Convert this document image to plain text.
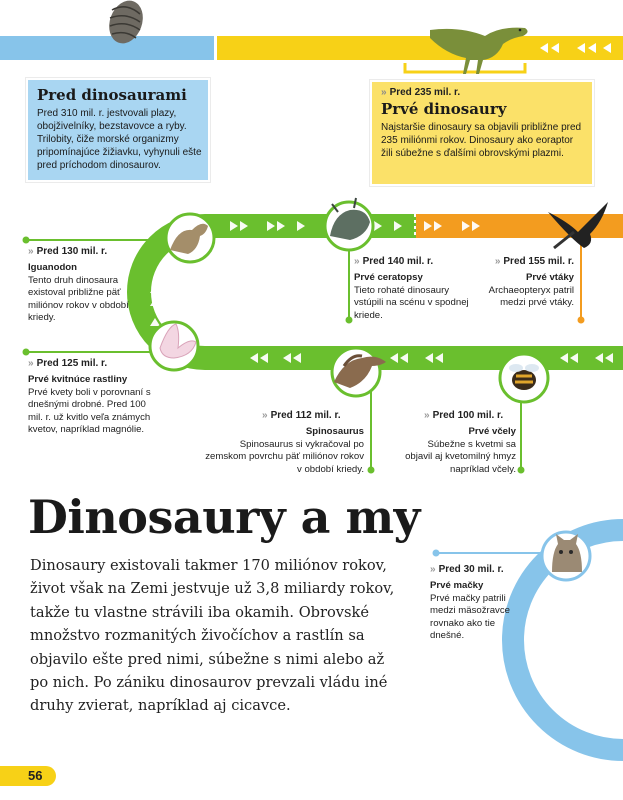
Pred dinosaurami

Pred 310 mil. r. jestvovali plazy, obojživelníky, bezstavovce a ryby. Trilobity, čiže morské organizmy pripomínajúce žižiavku, vyhynuli ešte pred príchodom dinosaurov.

» Pred 235 mil. r.
Prvé dinosaury

Najstaršie dinosaury sa objavili približne pred 235 miliónmi rokov. Dinosaury ako eoraptor žili súbežne s ďalšími obrovskými plazmi.

» Pred 130 mil. r.
Iguanodon
Tento druh dinosaura existoval približne päť miliónov rokov v období kriedy.
» Pred 140 mil. r.
Prvé ceratopsy
Tieto rohaté dinosaury vstúpili na scénu v spodnej kriede.
» Pred 155 mil. r.
Prvé vtáky
Archaeopteryx patril medzi prvé vtáky.
» Pred 125 mil. r.
Prvé kvitnúce rastliny
Prvé kvety boli v porovnaní s dnešnými drobné. Pred 100 mil. r. už kvitlo veľa známych kvetov, napríklad magnólie.
» Pred 112 mil. r.
Spinosaurus
Spinosaurus si vykračoval po zemskom povrchu päť miliónov rokov v období kriedy.
» Pred 100 mil. r.
Prvé včely
Súbežne s kvetmi sa objavil aj kvetomilný hmyz napríklad včely.
» Pred 30 mil. r.
Prvé mačky
Prvé mačky patrili medzi mäsožravce rovnako ako tie dnešné.
Dinosaury a my

Dinosaury existovali takmer 170 miliónov rokov, život však na Zemi jestvuje už 3,8 miliardy rokov, takže tu vlastne strávili iba okamih. Obrovské množstvo rozmanitých živočíchov a rastlín sa objavilo ešte pred nimi, súbežne s nimi alebo až po nich. Po zániku dinosaurov prevzali vládu iné druhy zvierat, napríklad aj cicavce.

56
